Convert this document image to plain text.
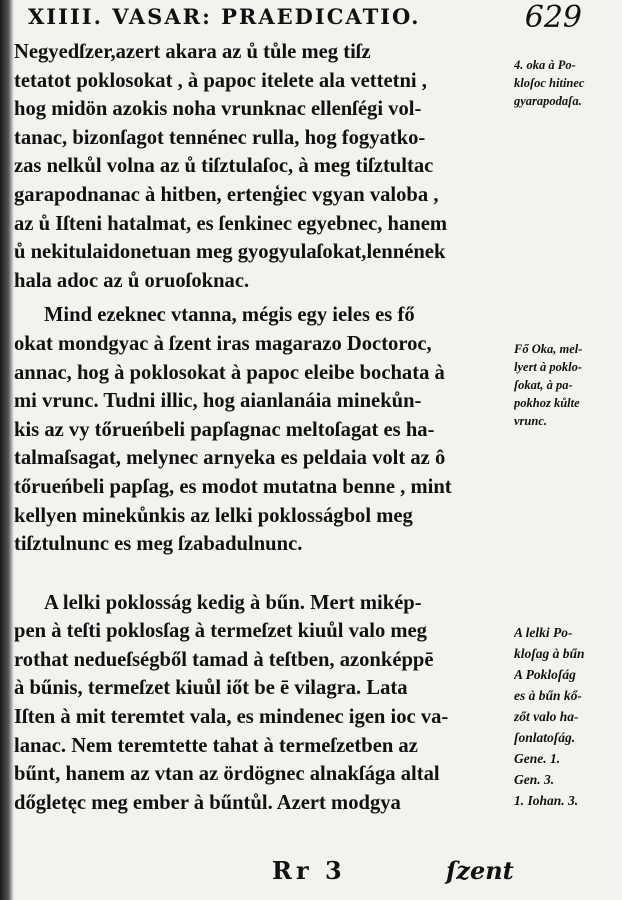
XIIII. VASAR: PRAEDICATIO.	629

Negyedſzer,azert akara az ů tůle meg tiſz
tetatot poklosokat , à papoc itelete ala vettetni ,
hog midön azokis noha vrunknac ellenſégi vol-
tanac, bizonſagot tennénec rulla, hog fogyatko-
zas nelkůl volna az ů tiſztulaſoc, à meg tiſztultac
garapodnanac à hitben, ertenģiec vgyan valoba ,
az ů Iſteni hatalmat, es ſenkinec egyebnec, hanem
ů nekitulaidonetuan meg gyogyulaſokat,lennének
hala adoc az ů oruoſoknac.

Mind ezeknec vtanna, mégis egy ieles es fő
okat mondgyac à ſzent iras magarazo Doctoroc,
annac, hog à poklosokat à papoc eleibe bochata à
mi vrunc. Tudni illic, hog aianlanáia minekůn-
kis az vy tőrueńbeli papſagnac meltoſagat es ha-
talmaſsagat, melynec arnyeka es peldaia volt az ô
tőrueńbeli papſag, es modot mutatna benne , mint
kellyen minekůnkis az lelki poklosságbol meg
tiſztulnunc es meg ſzabadulnunc.

A lelki poklosság kedig à bűn. Mert mikép-
pen à teſti poklosſag à termeſzet kiuůl valo meg
rothat nedueſségből tamad à teſtben, azonképpē
à bűnis, termeſzet kiuůl iőt be ē vilagra. Lata
Iſten à mit teremtet vala, es mindenec igen ioc va-
lanac. Nem teremtette tahat à termeſzetben az
bűnt, hanem az vtan az ördögnec alnakſága altal
dőgletęc meg ember à bűntůl. Azert modgya

4. oka à Po-
kloſoc hitinec
gyarapodaſa.
Fő Oka, mel-
lyert à poklo-
ſokat, à pa-
pokhoz kůlte
vrunc.
A lelki Po-
kloſag à bűn
A Pokloſág
es à bűn kő-
zőt valo ha-
ſonlatoſág.
Gene. 1.
Gen. 3.
1. Iohan. 3.
Rr 3	ſzent
